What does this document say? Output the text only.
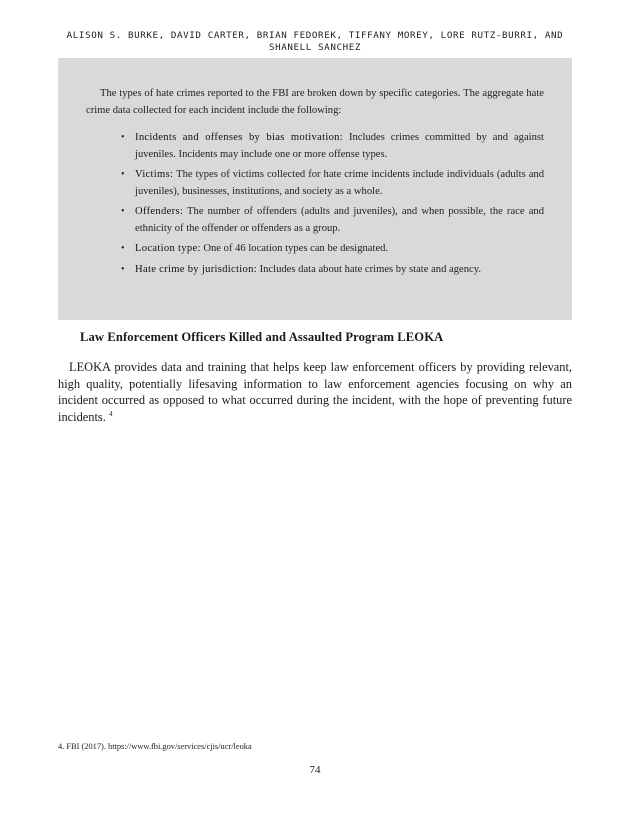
ALISON S. BURKE, DAVID CARTER, BRIAN FEDOREK, TIFFANY MOREY, LORE RUTZ-BURRI, AND SHANELL SANCHEZ

The types of hate crimes reported to the FBI are broken down by specific categories. The aggregate hate crime data collected for each incident include the following:

• Incidents and offenses by bias motivation: Includes crimes committed by and against juveniles. Incidents may include one or more offense types.
• Victims: The types of victims collected for hate crime incidents include individuals (adults and juveniles), businesses, institutions, and society as a whole.
• Offenders: The number of offenders (adults and juveniles), and when possible, the race and ethnicity of the offender or offenders as a group.
• Location type: One of 46 location types can be designated.
• Hate crime by jurisdiction: Includes data about hate crimes by state and agency.
Law Enforcement Officers Killed and Assaulted Program LEOKA

LEOKA provides data and training that helps keep law enforcement officers by providing relevant, high quality, potentially lifesaving information to law enforcement agencies focusing on why an incident occurred as opposed to what occurred during the incident, with the hope of preventing future incidents. $^4$

4. FBI (2017). https://www.fbi.gov/services/cjis/ucr/leoka
74
